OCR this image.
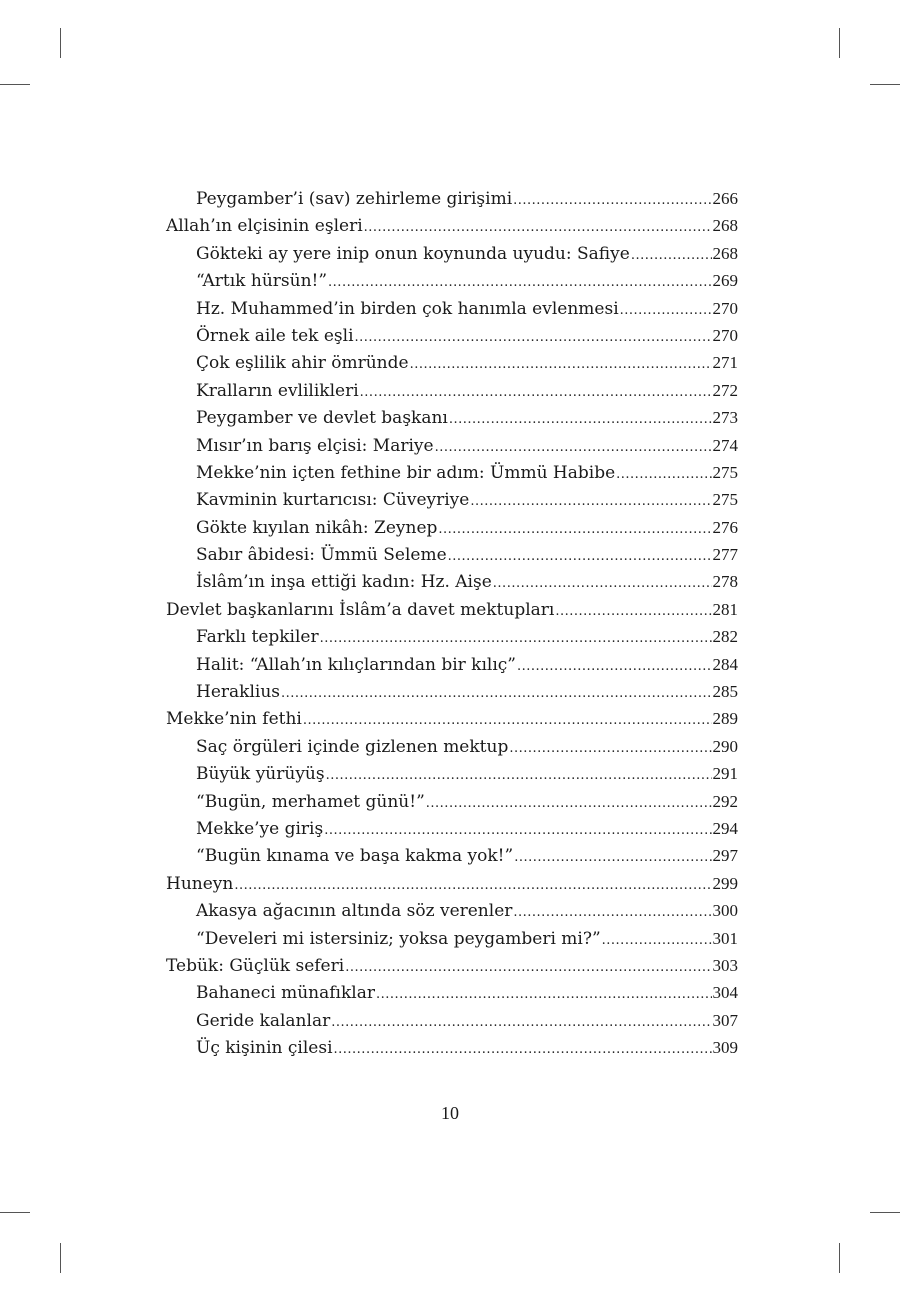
Peygamber’i (sav) zehirleme girişimi .....	266
Allah’ın elçisinin eşleri .....	268
Gökteki ay yere inip onun koynunda uyudu: Safiye .....	268
“Artık hürsün!” .....	269
Hz. Muhammed’in birden çok hanımla evlenmesi .....	270
Örnek aile tek eşli .....	270
Çok eşlilik ahir ömründe .....	271
Kralların evlilikleri .....	272
Peygamber ve devlet başkanı .....	273
Mısır’ın barış elçisi: Mariye .....	274
Mekke’nin içten fethine bir adım: Ümmü Habibe .....	275
Kavminin kurtarıcısı: Cüveyriye .....	275
Gökte kıyılan nikâh: Zeynep .....	276
Sabır âbidesi: Ümmü Seleme .....	277
İslâm’ın inşa ettiği kadın: Hz. Aişe .....	278
Devlet başkanlarını İslâm’a davet mektupları .....	281
Farklı tepkiler .....	282
Halit: “Allah’ın kılıçlarından bir kılıç” .....	284
Heraklius .....	285
Mekke’nin fethi .....	289
Saç örgüleri içinde gizlenen mektup .....	290
Büyük yürüyüş .....	291
“Bugün, merhamet günü!” .....	292
Mekke’ye giriş .....	294
“Bugün kınama ve başa kakma yok!” .....	297
Huneyn .....	299
Akasya ağacının altında söz verenler .....	300
“Develeri mi istersiniz; yoksa peygamberi mi?” .....	301
Tebük: Güçlük seferi .....	303
Bahaneci münafıklar .....	304
Geride kalanlar .....	307
Üç kişinin çilesi .....	309
10
